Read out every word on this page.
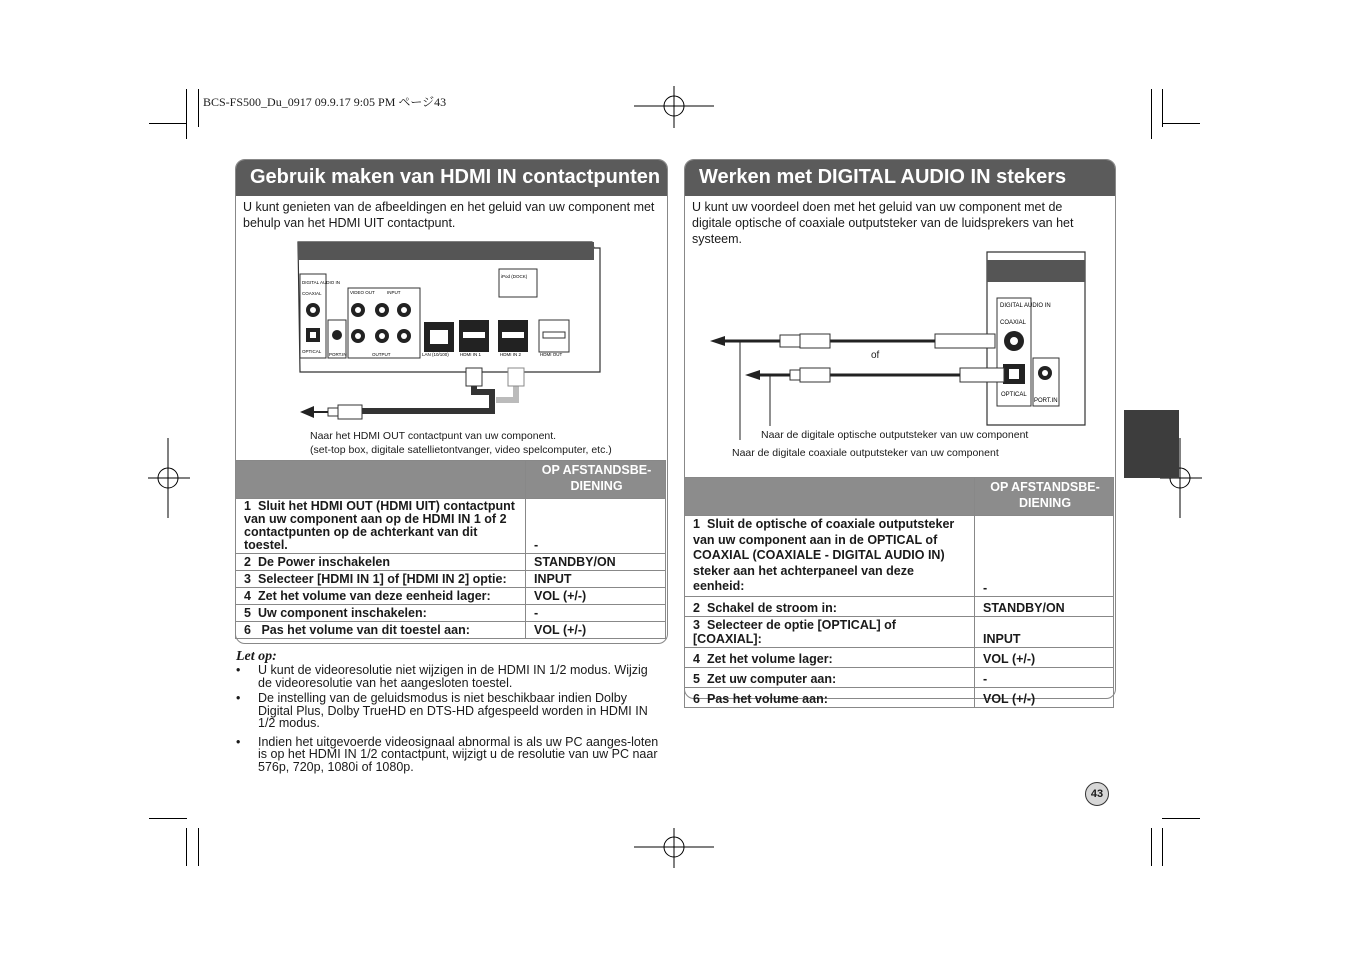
BCS-FS500_Du_0917 09.9.17 9:05 PM ページ43
Gebruik maken van HDMI IN contactpunten
U kunt genieten van de afbeeldingen en het geluid van uw component met behulp van het HDMI UIT contactpunt.
DIGITAL AUDIO IN
COAXIAL
OPTICAL
PORT.IN
VIDEO OUT	INPUT
OUTPUT	LAN (10/100) HDMI IN 1	HDMI IN 2	HDMI OUT
iPod (DOCK)
Naar het HDMI OUT contactpunt van uw component.
(set-top box, digitale satellietontvanger, video spelcomputer, etc.)
	OP AFSTANDSBE-DIENING
1 Sluit het HDMI OUT (HDMI UIT) contactpunt van uw component aan op de HDMI IN 1 of 2 contactpunten op de achterkant van dit toestel.	-
2 De Power inschakelen	STANDBY/ON
3 Selecteer [HDMI IN 1] of [HDMI IN 2] optie:	INPUT
4 Zet het volume van deze eenheid lager:	VOL (+/-)
5 Uw component inschakelen:	-
6 Pas het volume van dit toestel aan:	VOL (+/-)
Let op:
• U kunt de videoresolutie niet wijzigen in de HDMI IN 1/2 modus. Wijzig de videoresolutie van het aangesloten toestel.
• De instelling van de geluidsmodus is niet beschikbaar indien Dolby Digital Plus, Dolby TrueHD en DTS-HD afgespeeld worden in HDMI IN 1/2 modus.
• Indien het uitgevoerde videosignaal abnormal is als uw PC aanges-loten is op het HDMI IN 1/2 contactpunt, wijzigt u de resolutie van uw PC naar 576p, 720p, 1080i of 1080p.
Werken met DIGITAL AUDIO IN stekers
U kunt uw voordeel doen met het geluid van uw component met de digitale optische of coaxiale outputsteker van de luidsprekers van het systeem.
DIGITAL AUDIO IN
COAXIAL
OPTICAL
PORT.IN
of
Naar de digitale optische outputsteker van uw component
Naar de digitale coaxiale outputsteker van uw component
	OP AFSTANDSBE-DIENING
1 Sluit de optische of coaxiale outputsteker van uw component aan in de OPTICAL of COAXIAL (COAXIALE - DIGITAL AUDIO IN) steker aan het achterpaneel van deze eenheid:	-
2 Schakel de stroom in:	STANDBY/ON
3 Selecteer de optie [OPTICAL] of [COAXIAL]:	INPUT
4 Zet het volume lager:	VOL (+/-)
5 Zet uw computer aan:	-
6 Pas het volume aan:	VOL (+/-)
43
